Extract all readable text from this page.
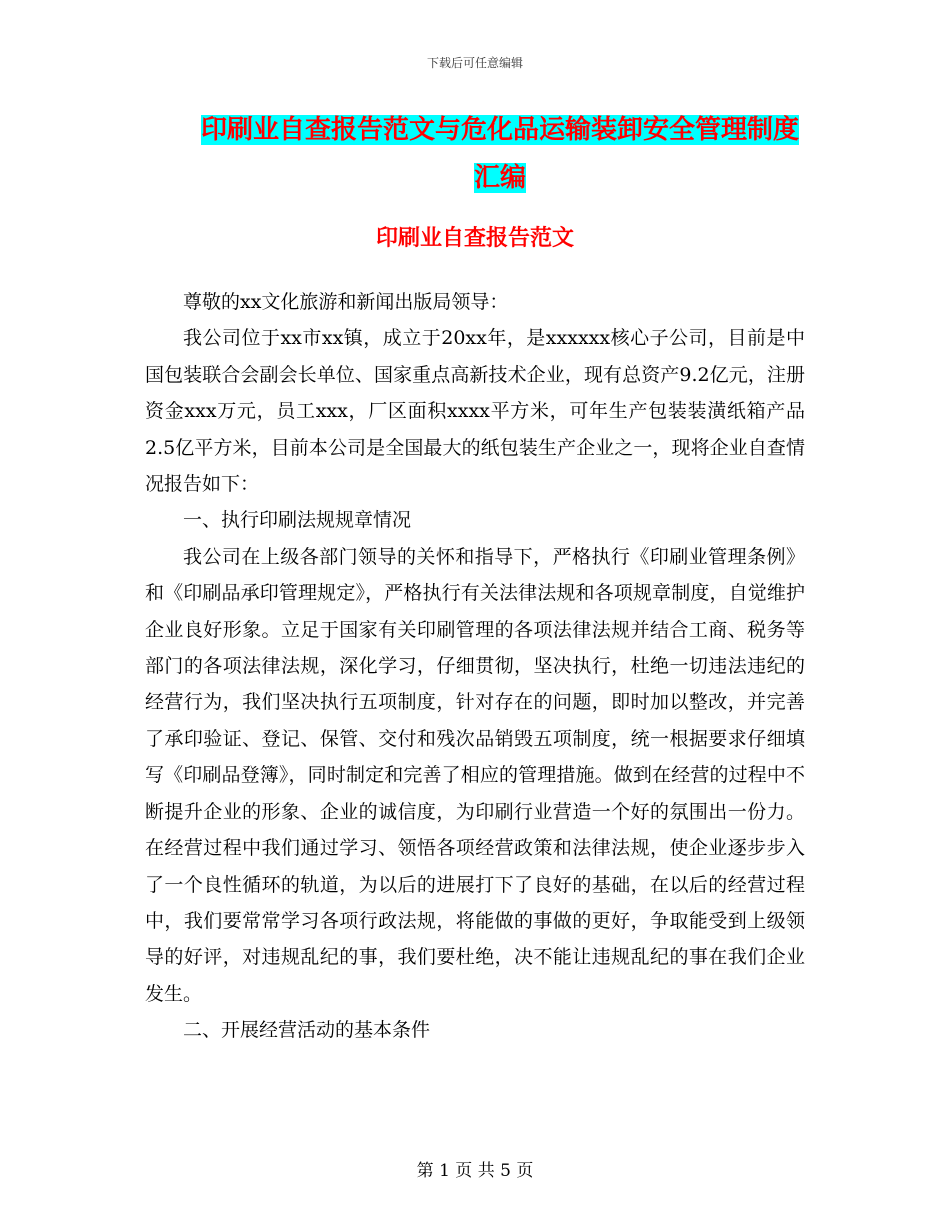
下载后可任意编辑
印刷业自查报告范文与危化品运输装卸安全管理制度
汇编
印刷业自查报告范文

尊敬的xx文化旅游和新闻出版局领导：

我公司位于xx市xx镇，成立于20xx年，是xxxxxx核心子公司，目前是中国包装联合会副会长单位、国家重点高新技术企业，现有总资产9.2亿元，注册资金xxx万元，员工xxx，厂区面积xxxx平方米，可年生产包装装潢纸箱产品2.5亿平方米，目前本公司是全国最大的纸包装生产企业之一，现将企业自查情况报告如下：

一、执行印刷法规规章情况

我公司在上级各部门领导的关怀和指导下，严格执行《印刷业管理条例》和《印刷品承印管理规定》，严格执行有关法律法规和各项规章制度，自觉维护企业良好形象。立足于国家有关印刷管理的各项法律法规并结合工商、税务等部门的各项法律法规，深化学习，仔细贯彻，坚决执行，杜绝一切违法违纪的经营行为，我们坚决执行五项制度，针对存在的问题，即时加以整改，并完善了承印验证、登记、保管、交付和残次品销毁五项制度，统一根据要求仔细填写《印刷品登簿》，同时制定和完善了相应的管理措施。做到在经营的过程中不断提升企业的形象、企业的诚信度，为印刷行业营造一个好的氛围出一份力。在经营过程中我们通过学习、领悟各项经营政策和法律法规，使企业逐步步入了一个良性循环的轨道，为以后的进展打下了良好的基础，在以后的经营过程中，我们要常常学习各项行政法规，将能做的事做的更好，争取能受到上级领导的好评，对违规乱纪的事，我们要杜绝，决不能让违规乱纪的事在我们企业发生。

二、开展经营活动的基本条件

第 1 页 共 5 页
